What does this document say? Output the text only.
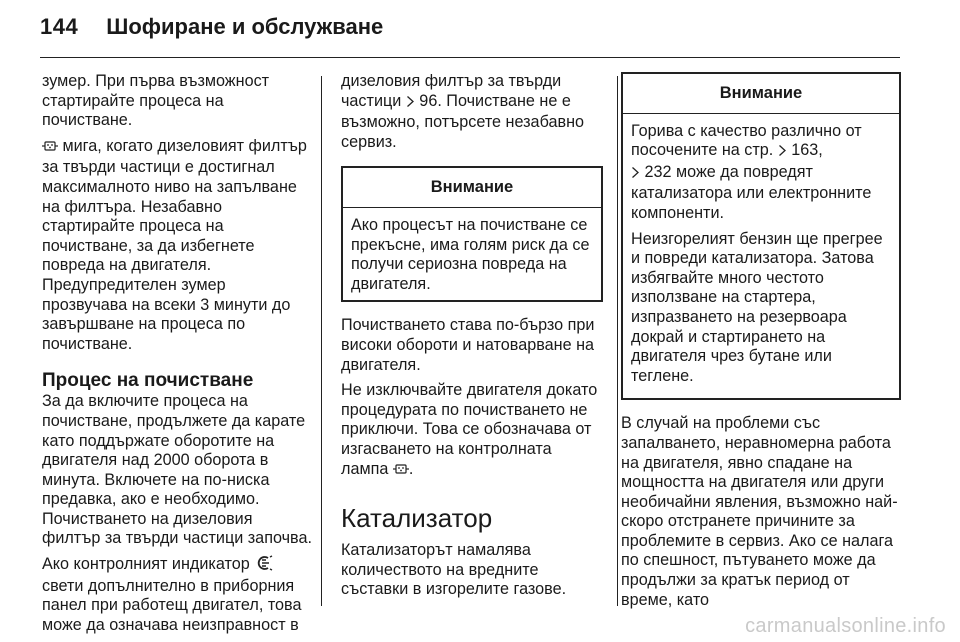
144 Шофиране и обслужване

зумер. При първа възможност стартирайте процеса на почистване.

мига, когато дизеловият филтър за твърди частици е достигнал максималното ниво на запълване на филтъра. Незабавно стартирайте процеса на почистване, за да избегнете повреда на двигателя. Предупредителен зумер прозвучава на всеки 3 минути до завършване на процеса по почистване.

Процес на почистване

За да включите процеса на почистване, продължете да карате като поддържате оборотите на двигателя над 2000 оборота в минута. Включете на по-ниска предавка, ако е необходимо. Почистването на дизеловия филтър за твърди частици започва.

Ако контролният индикатор  свети допълнително в приборния панел при работещ двигател, това може да означава неизправност в

дизеловия филтър за твърди частици  96. Почистване не е възможно, потърсете незабавно сервиз.

Внимание
Ако процесът на почистване се прекъсне, има голям риск да се получи сериозна повреда на двигателя.

Почистването става по-бързо при високи обороти и натоварване на двигателя.

Не изключвайте двигателя докато процедурата по почистването не приключи. Това се обозначава от изгасването на контролната лампа .

Катализатор

Катализаторът намалява количеството на вредните съставки в изгорелите газове.

Внимание

Горива с качество различно от посочените на стр.  163,
232 може да повредят катализатора или електронните компоненти.

Неизгорелият бензин ще прегрее и повреди катализатора. Затова избягвайте много честото използване на стартера, изпразването на резервоара докрай и стартирането на двигателя чрез бутане или теглене.

В случай на проблеми със запалването, неравномерна работа на двигателя, явно спадане на мощността на двигателя или други необичайни явления, възможно най-скоро отстранете причините за проблемите в сервиз. Ако се налага по спешност, пътуването може да продължи за кратък период от време, като

carmanualsonline.info
